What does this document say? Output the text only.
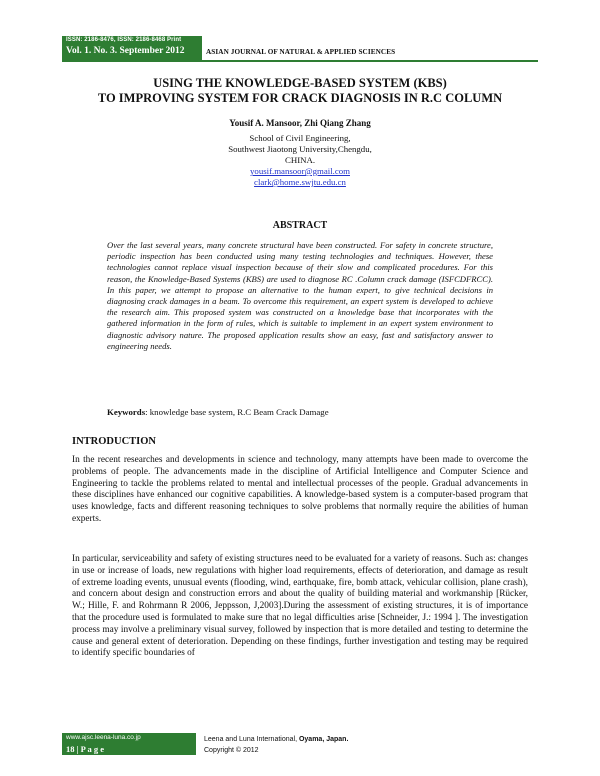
ISSN: 2186-8476, ISSN: 2186-8468 Print
Vol. 1. No. 3. September 2012	ASIAN JOURNAL OF NATURAL & APPLIED SCIENCES
USING THE KNOWLEDGE-BASED SYSTEM (KBS)
TO IMPROVING SYSTEM FOR CRACK DIAGNOSIS IN R.C COLUMN
Yousif A. Mansoor, Zhi Qiang Zhang
School of Civil Engineering,
Southwest Jiaotong University,Chengdu,
CHINA.
yousif.mansoor@gmail.com
clark@home.swjtu.edu.cn
ABSTRACT
Over the last several years, many concrete structural have been constructed. For safety in concrete structure, periodic inspection has been conducted using many testing technologies and techniques. However, these technologies cannot replace visual inspection because of their slow and complicated procedures. For this reason, the Knowledge-Based Systems (KBS) are used to diagnose RC .Column crack damage (ISFCDFRCC). In this paper, we attempt to propose an alternative to the human expert, to give technical decisions in diagnosing crack damages in a beam. To overcome this requirement, an expert system is developed to achieve the research aim. This proposed system was constructed on a knowledge base that incorporates with the gathered information in the form of rules, which is suitable to implement in an expert system environment to diagnostic advisory nature. The proposed application results show an easy, fast and satisfactory answer to engineering needs.
Keywords: knowledge base system, R.C Beam Crack Damage
INTRODUCTION
In the recent researches and developments in science and technology, many attempts have been made to overcome the problems of people. The advancements made in the discipline of Artificial Intelligence and Computer Science and Engineering to tackle the problems related to mental and intellectual processes of the people. Gradual advancements in these disciplines have enhanced our cognitive capabilities. A knowledge-based system is a computer-based program that uses knowledge, facts and different reasoning techniques to solve problems that normally require the abilities of human experts.
In particular, serviceability and safety of existing structures need to be evaluated for a variety of reasons. Such as: changes in use or increase of loads, new regulations with higher load requirements, effects of deterioration, and damage as result of extreme loading events, unusual events (flooding, wind, earthquake, fire, bomb attack, vehicular collision, plane crash), and concern about design and construction errors and about the quality of building material and workmanship [Rücker, W.; Hille, F. and Rohrmann R 2006, Jeppsson, J,2003].During the assessment of existing structures, it is of importance that the procedure used is formulated to make sure that no legal difficulties arise [Schneider, J.: 1994 ]. The investigation process may involve a preliminary visual survey, followed by inspection that is more detailed and testing to determine the cause and general extent of deterioration. Depending on these findings, further investigation and testing may be required to identify specific boundaries of
www.ajsc.leena-luna.co.jp
18 | P a g e
Leena and Luna International, Oyama, Japan.
Copyright © 2012
